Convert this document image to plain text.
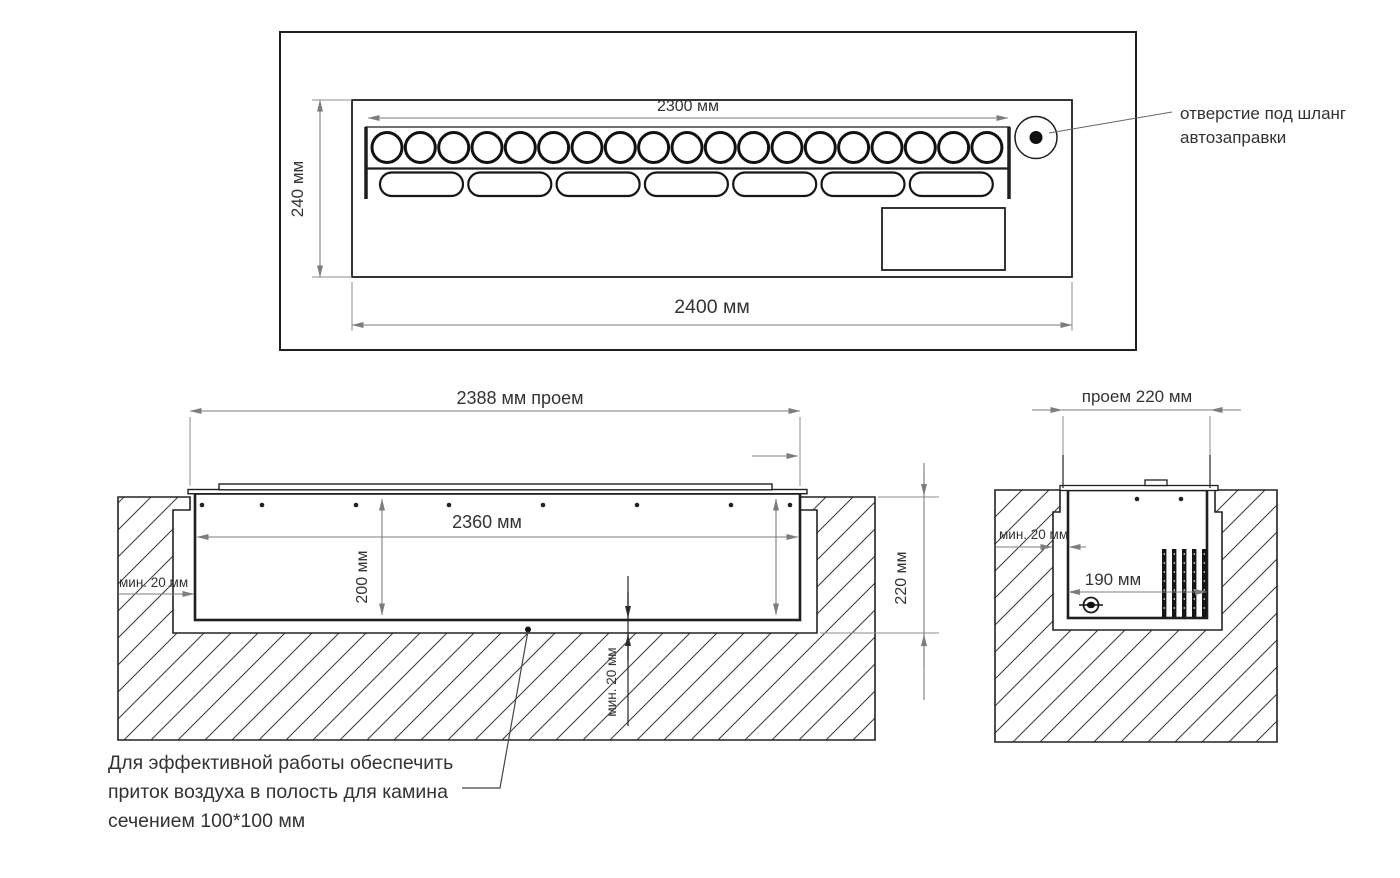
2300 мм
240 мм
2400 мм
отверстие под шланг
автозаправки
2388 мм проем
2360 мм
200 мм
мин. 20 мм	220 мм
мин. 20 мм
Для эффективной работы обеспечить
приток воздуха в полость для камина
сечением 100*100 мм
проем 220 мм
мин. 20 мм
190 мм
